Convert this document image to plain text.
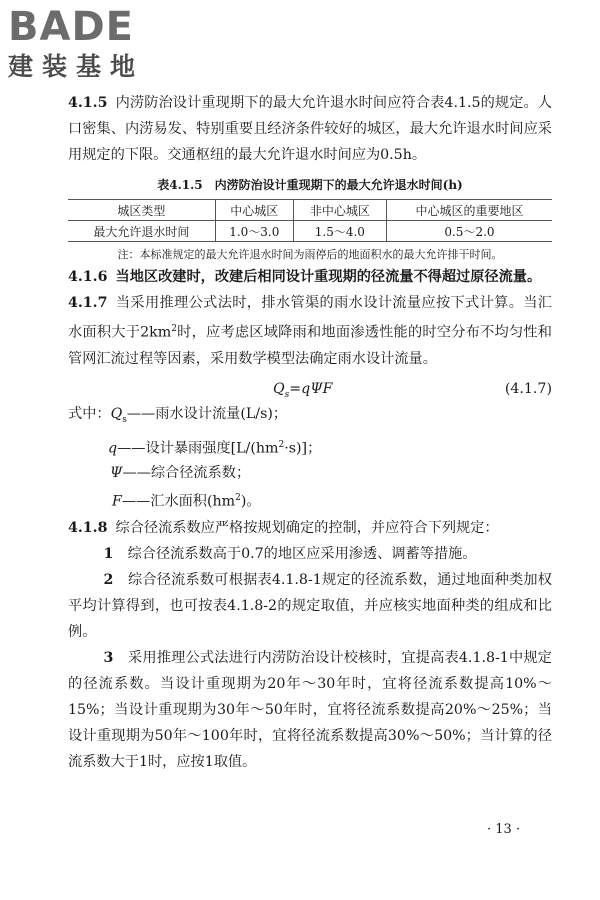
BADE
建装基地

4.1.5 内涝防治设计重现期下的最大允许退水时间应符合表4.1.5的规定。人口密集、内涝易发、特别重要且经济条件较好的城区，最大允许退水时间应采用规定的下限。交通枢纽的最大允许退水时间应为0.5h。

表4.1.5　内涝防治设计重现期下的最大允许退水时间(h)
城区类型	中心城区	非中心城区	中心城区的重要地区
最大允许退水时间	1.0～3.0	1.5～4.0	0.5～2.0
注：本标准规定的最大允许退水时间为雨停后的地面积水的最大允许排干时间。

4.1.6 当地区改建时，改建后相同设计重现期的径流量不得超过原径流量。

4.1.7 当采用推理公式法时，排水管渠的雨水设计流量应按下式计算。当汇水面积大于$2km^2$时，应考虑区域降雨和地面渗透性能的时空分布不均匀性和管网汇流过程等因素，采用数学模型法确定雨水设计流量。

$Q_s=q\Psi F$	(4.1.7)

式中：$Q_s——$雨水设计流量(L/s)；

q——设计暴雨强度$[L/(hm^2\cdot s)]$；

Ψ——综合径流系数；

F——汇水面积$(hm^2)$。

4.1.8 综合径流系数应严格按规划确定的控制，并应符合下列规定：

1　 综合径流系数高于0.7的地区应采用渗透、调蓄等措施。

2　 综合径流系数可根据表4.1.8-1规定的径流系数，通过地面种类加权平均计算得到，也可按表4.1.8-2的规定取值，并应核实地面种类的组成和比例。

3　 采用推理公式法进行内涝防治设计校核时，宜提高表4.1.8-1中规定的径流系数。当设计重现期为20年～30年时，宜将径流系数提高10%～15%；当设计重现期为30年～50年时，宜将径流系数提高20%～25%；当设计重现期为50年～100年时，宜将径流系数提高30%～50%；当计算的径流系数大于1时，应按1取值。

· 13 ·
